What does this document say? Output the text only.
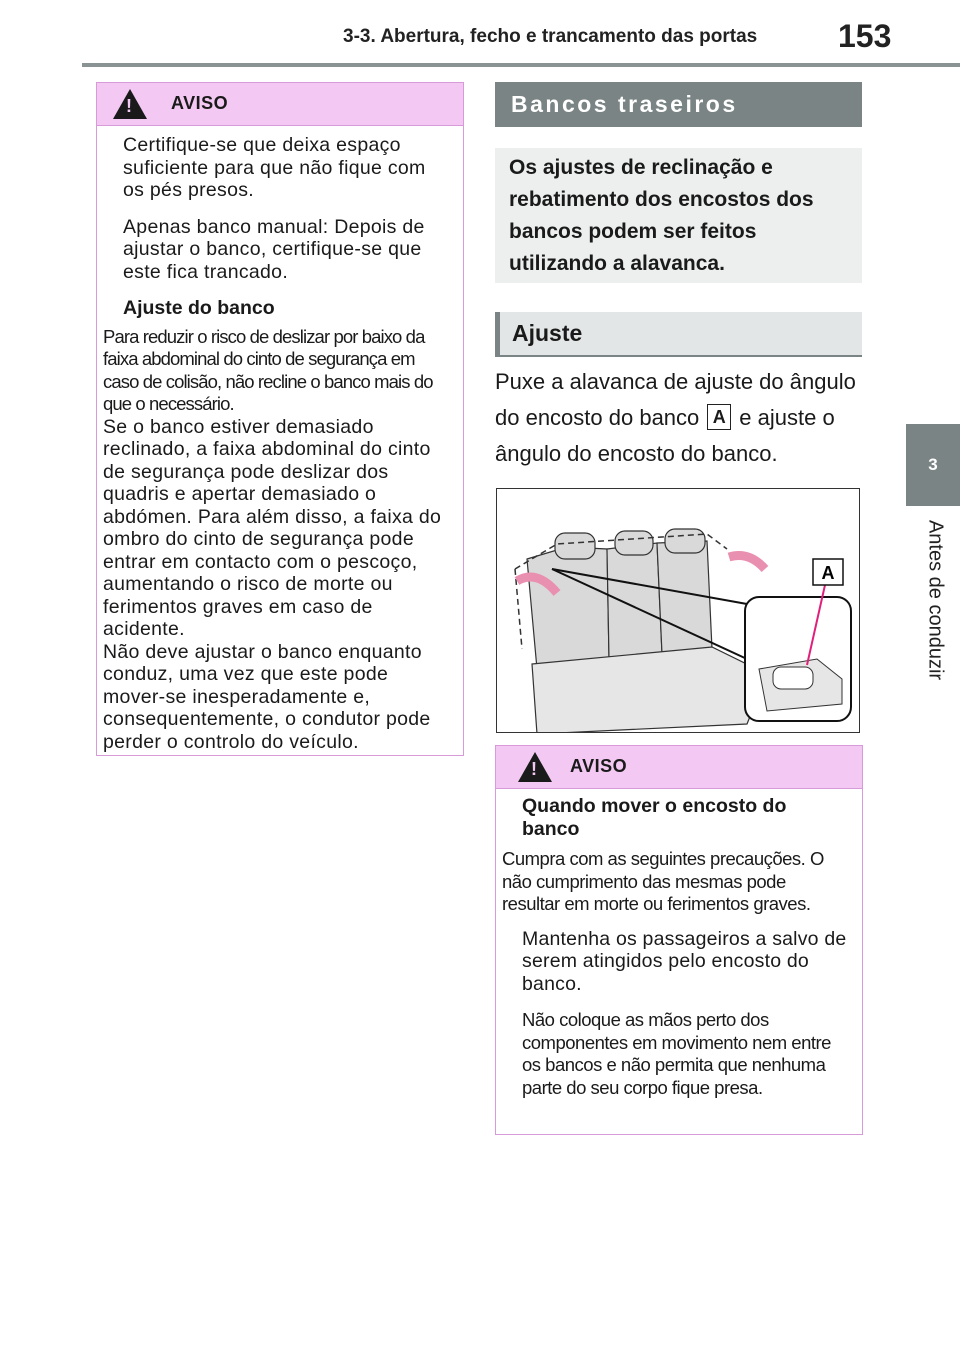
3-3. Abertura, fecho e trancamento das portas	153
3
Antes de conduzir
!
AVISO

Certifique-se que deixa espaço suficiente para que não fique com os pés presos.

Apenas banco manual: Depois de ajustar o banco, certifique-se que este fica trancado.

Ajuste do banco

Para reduzir o risco de deslizar por baixo da faixa abdominal do cinto de segurança em caso de colisão, não recline o banco mais do que o necessário.

Se o banco estiver demasiado reclinado, a faixa abdominal do cinto de segurança pode deslizar dos quadris e apertar demasiado o abdómen. Para além disso, a faixa do ombro do cinto de segurança pode entrar em contacto com o pescoço, aumentando o risco de morte ou ferimentos graves em caso de acidente.

Não deve ajustar o banco enquanto conduz, uma vez que este pode mover-se inesperadamente e, consequentemente, o condutor pode perder o controlo do veículo.

Bancos traseiros
Os ajustes de reclinação e rebatimento dos encostos dos bancos podem ser feitos utilizando a alavanca.
Ajuste
Puxe a alavanca de ajuste do ângulo do encosto do banco A e ajuste o ângulo do encosto do banco.
A
!
AVISO

Quando mover o encosto do banco

Cumpra com as seguintes precauções. O não cumprimento das mesmas pode resultar em morte ou ferimentos graves.

Mantenha os passageiros a salvo de serem atingidos pelo encosto do banco.

Não coloque as mãos perto dos componentes em movimento nem entre os bancos e não permita que nenhuma parte do seu corpo fique presa.
